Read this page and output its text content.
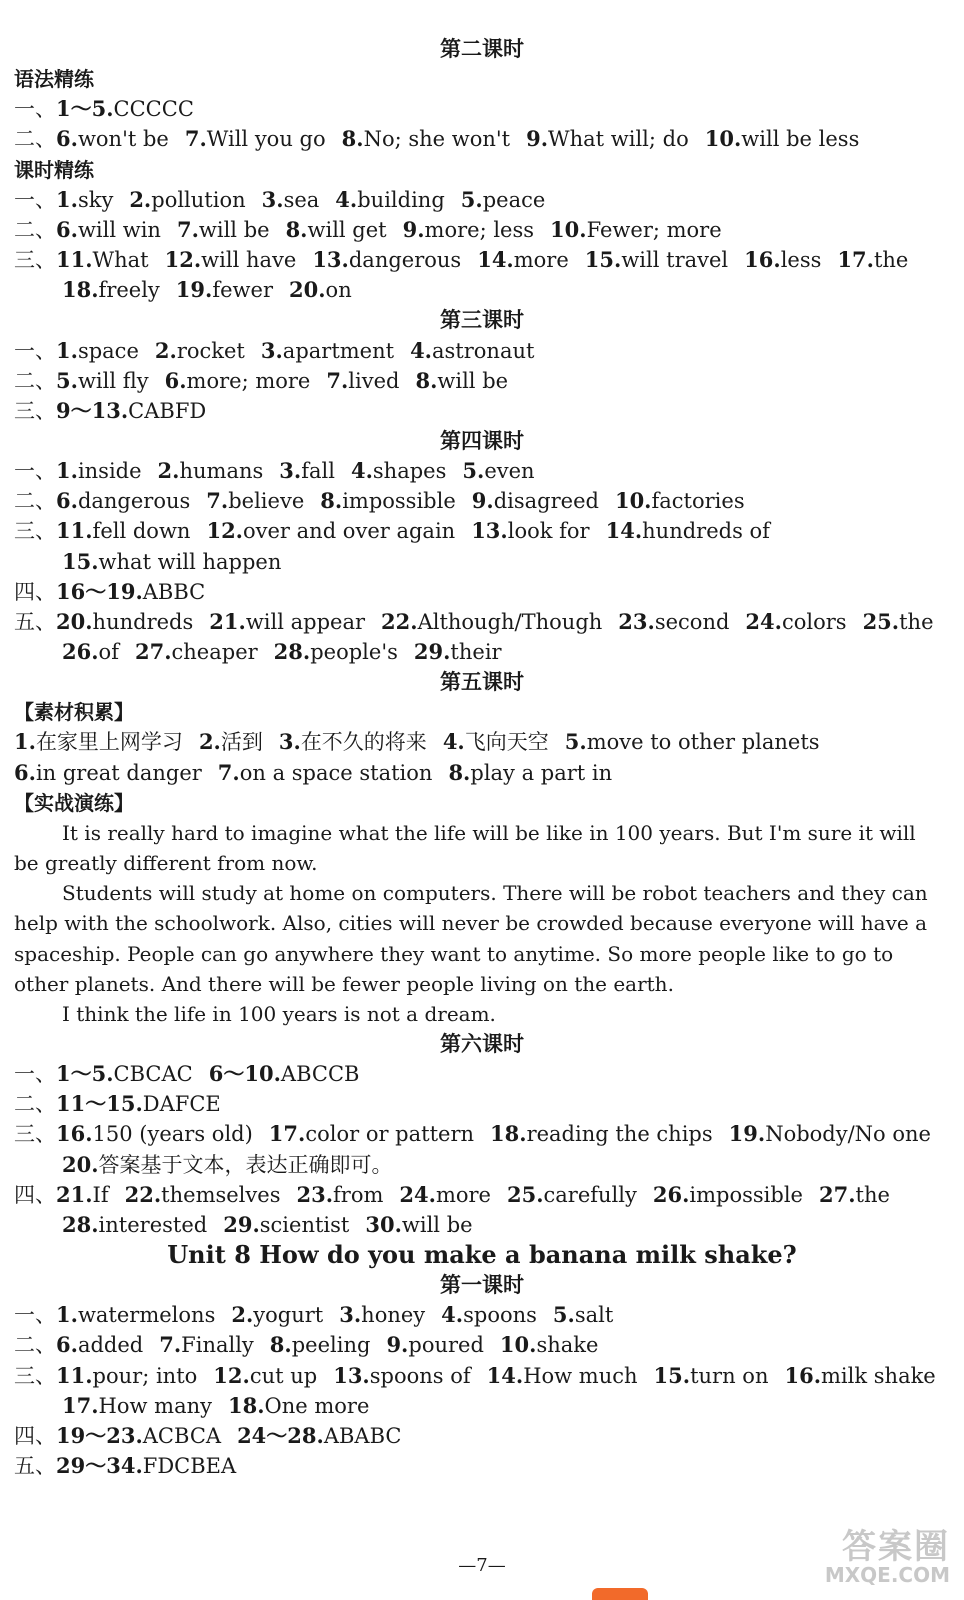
第二课时
语法精练
一、1～5.CCCCC
二、6.won't be 7.Will you go 8.No; she won't 9.What will; do 10.will be less
课时精练
一、1.sky 2.pollution 3.sea 4.building 5.peace
二、6.will win 7.will be 8.will get 9.more; less 10.Fewer; more
三、11.What 12.will have 13.dangerous 14.more 15.will travel 16.less 17.the
18.freely 19.fewer 20.on
第三课时
一、1.space 2.rocket 3.apartment 4.astronaut
二、5.will fly 6.more; more 7.lived 8.will be
三、9～13.CABFD
第四课时
一、1.inside 2.humans 3.fall 4.shapes 5.even
二、6.dangerous 7.believe 8.impossible 9.disagreed 10.factories
三、11.fell down 12.over and over again 13.look for 14.hundreds of
15.what will happen
四、16～19.ABBC
五、20.hundreds 21.will appear 22.Although/Though 23.second 24.colors 25.the
26.of 27.cheaper 28.people's 29.their
第五课时
【素材积累】
1.在家里上网学习 2.活到 3.在不久的将来 4.飞向天空 5.move to other planets
6.in great danger 7.on a space station 8.play a part in
【实战演练】
It is really hard to imagine what the life will be like in 100 years. But I'm sure it will
be greatly different from now.
Students will study at home on computers. There will be robot teachers and they can
help with the schoolwork. Also, cities will never be crowded because everyone will have a
spaceship. People can go anywhere they want to anytime. So more people like to go to
other planets. And there will be fewer people living on the earth.
I think the life in 100 years is not a dream.
第六课时
一、1～5.CBCAC 6～10.ABCCB
二、11～15.DAFCE
三、16.150 (years old) 17.color or pattern 18.reading the chips 19.Nobody/No one
20.答案基于文本，表达正确即可。
四、21.If 22.themselves 23.from 24.more 25.carefully 26.impossible 27.the
28.interested 29.scientist 30.will be
Unit 8 How do you make a banana milk shake?
第一课时
一、1.watermelons 2.yogurt 3.honey 4.spoons 5.salt
二、6.added 7.Finally 8.peeling 9.poured 10.shake
三、11.pour; into 12.cut up 13.spoons of 14.How much 15.turn on 16.milk shake
17.How many 18.One more
四、19～23.ACBCA 24～28.ABABC
五、29～34.FDCBEA
—7—	答案圈
MXQE.COM
